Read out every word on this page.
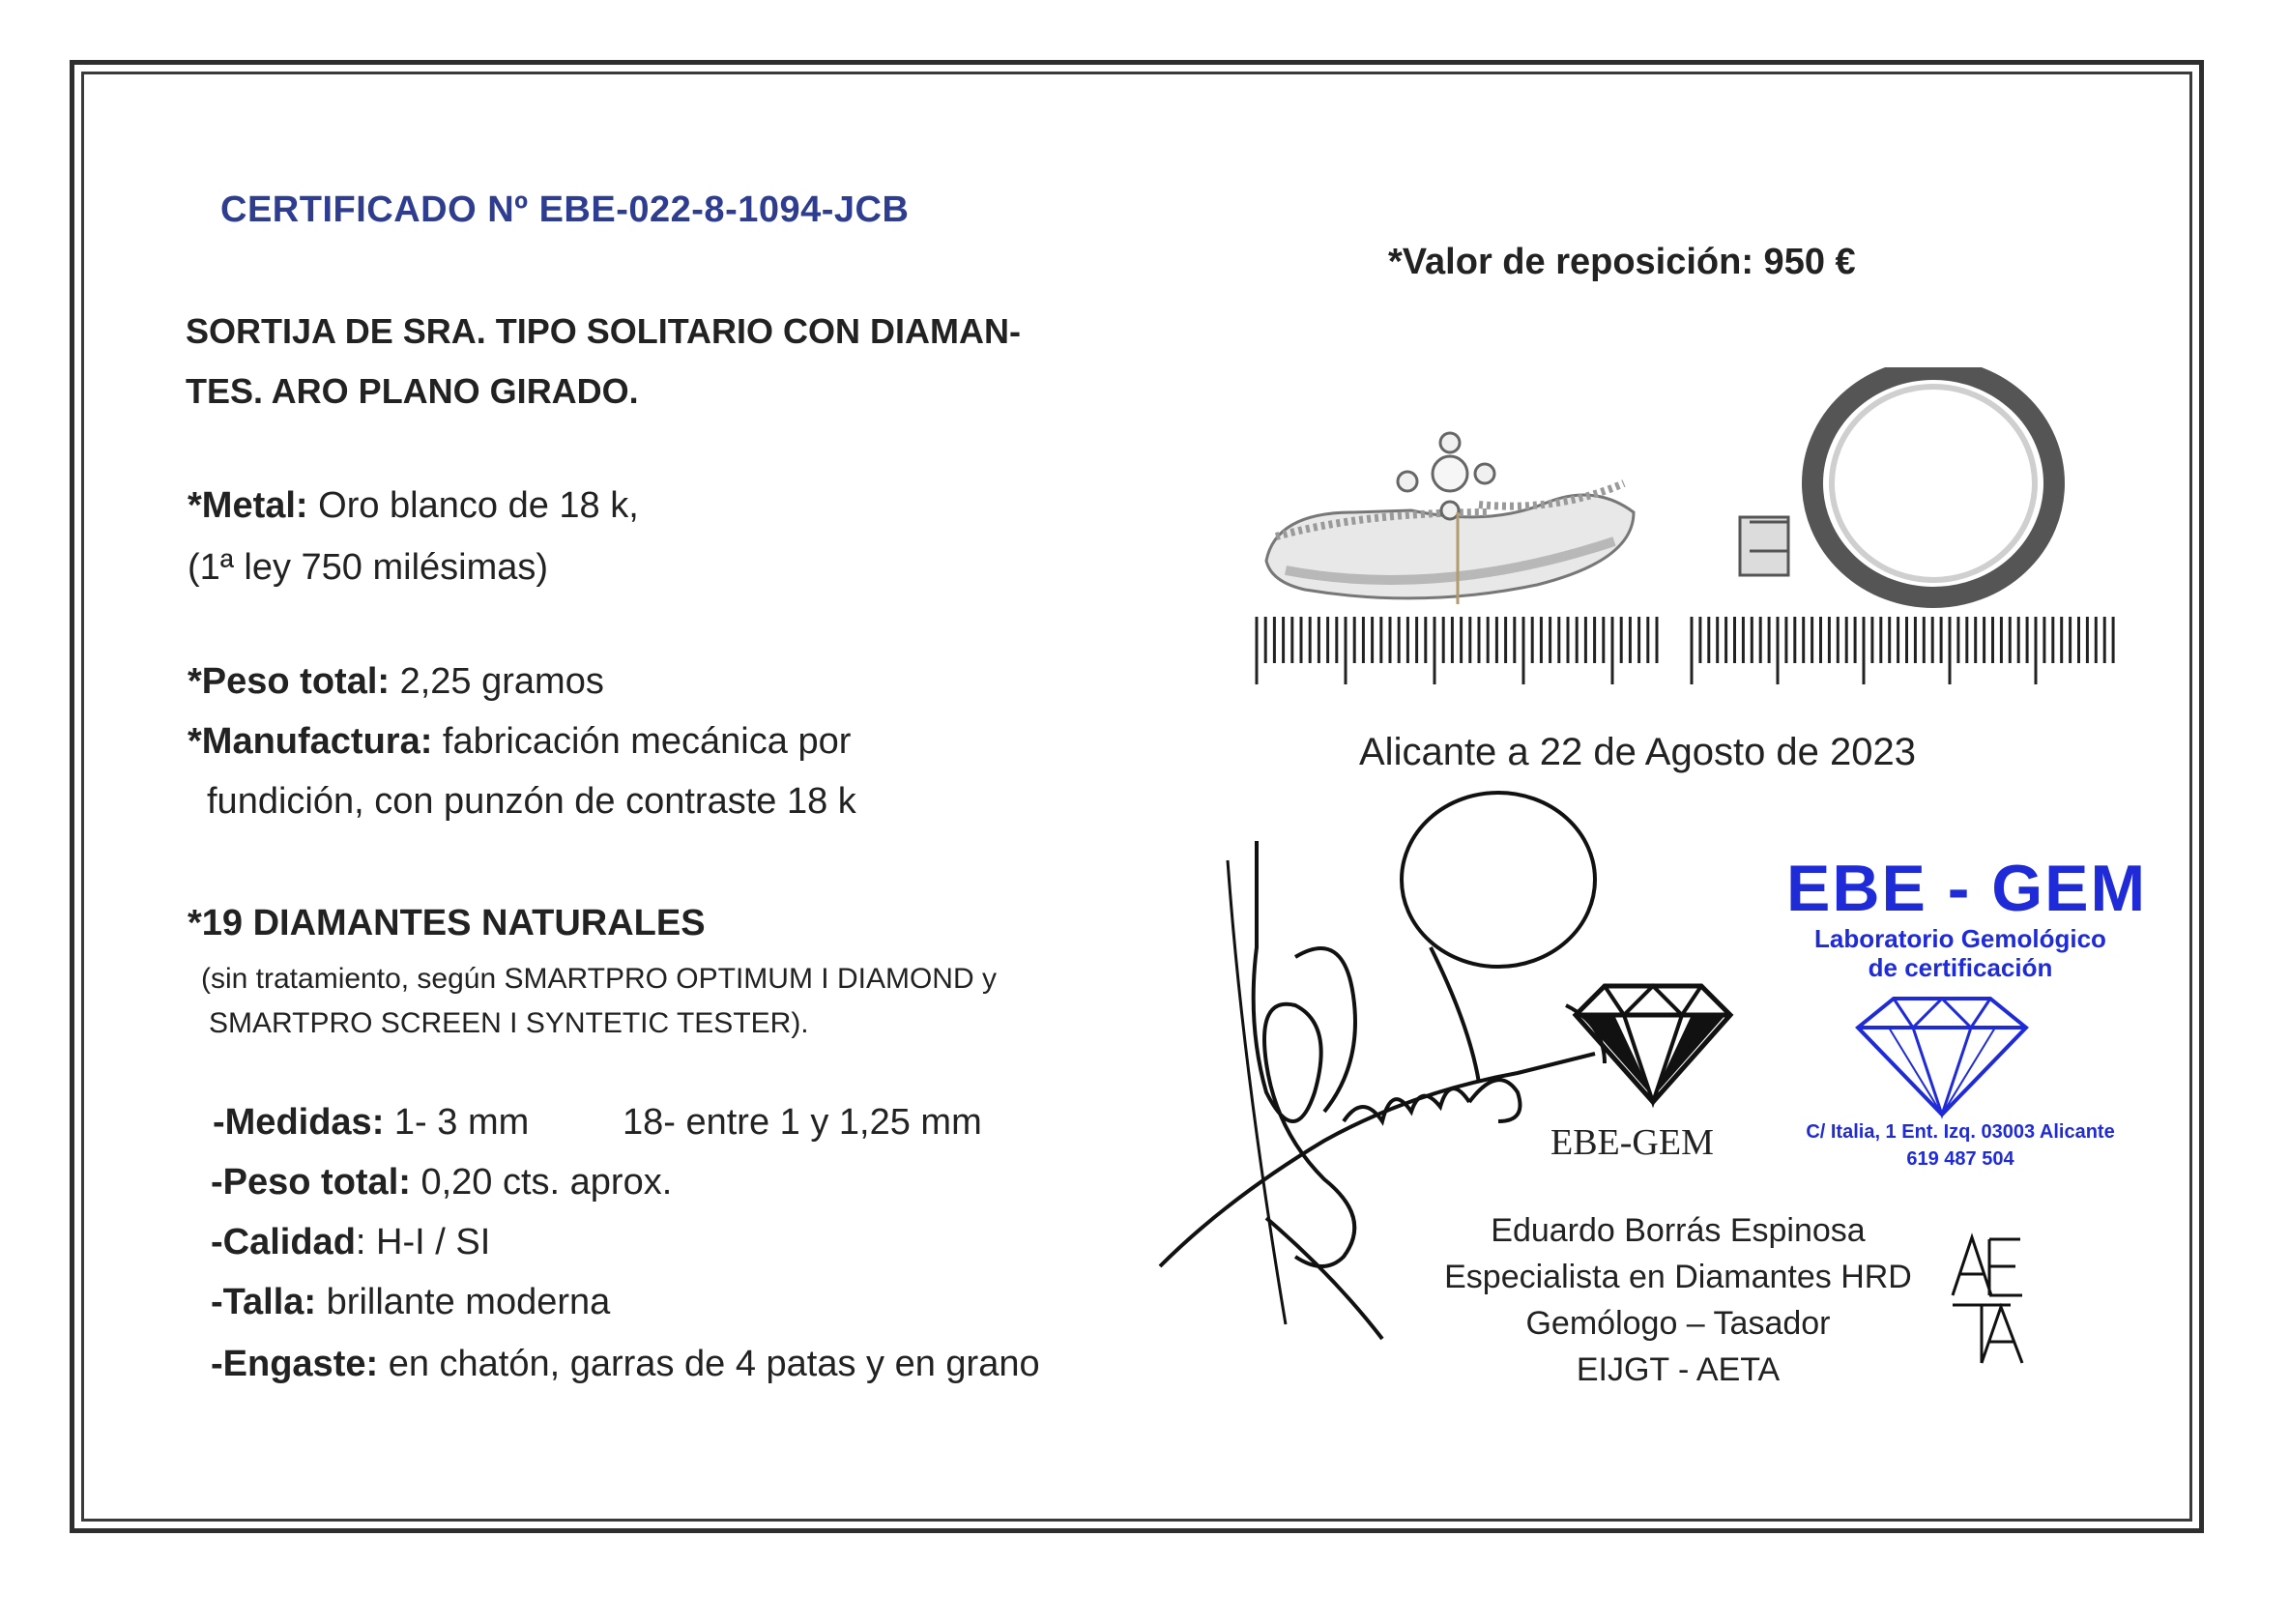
CERTIFICADO Nº EBE-022-8-1094-JCB
SORTIJA DE SRA. TIPO SOLITARIO CON DIAMAN-
TES. ARO PLANO GIRADO.
*Metal: Oro blanco de 18 k,
(1ª ley 750 milésimas)
*Peso total: 2,25 gramos
*Manufactura: fabricación mecánica por
fundición, con punzón de contraste 18 k
*19 DIAMANTES NATURALES
(sin tratamiento, según SMARTPRO OPTIMUM I DIAMOND y
SMARTPRO SCREEN I SYNTETIC TESTER).
-Medidas: 1- 3 mm	18- entre 1 y 1,25 mm
-Peso total: 0,20 cts. aprox.
-Calidad: H-I / SI
-Talla: brillante moderna
-Engaste: en chatón, garras de 4 patas y en grano
*Valor de reposición: 950 €
Alicante a 22 de Agosto de 2023
EBE-GEM
EBE - GEM
Laboratorio Gemológico
de certificación
C/ Italia, 1 Ent. Izq. 03003 Alicante
619 487 504
Eduardo Borrás Espinosa
Especialista en Diamantes HRD
Gemólogo – Tasador
EIJGT - AETA
